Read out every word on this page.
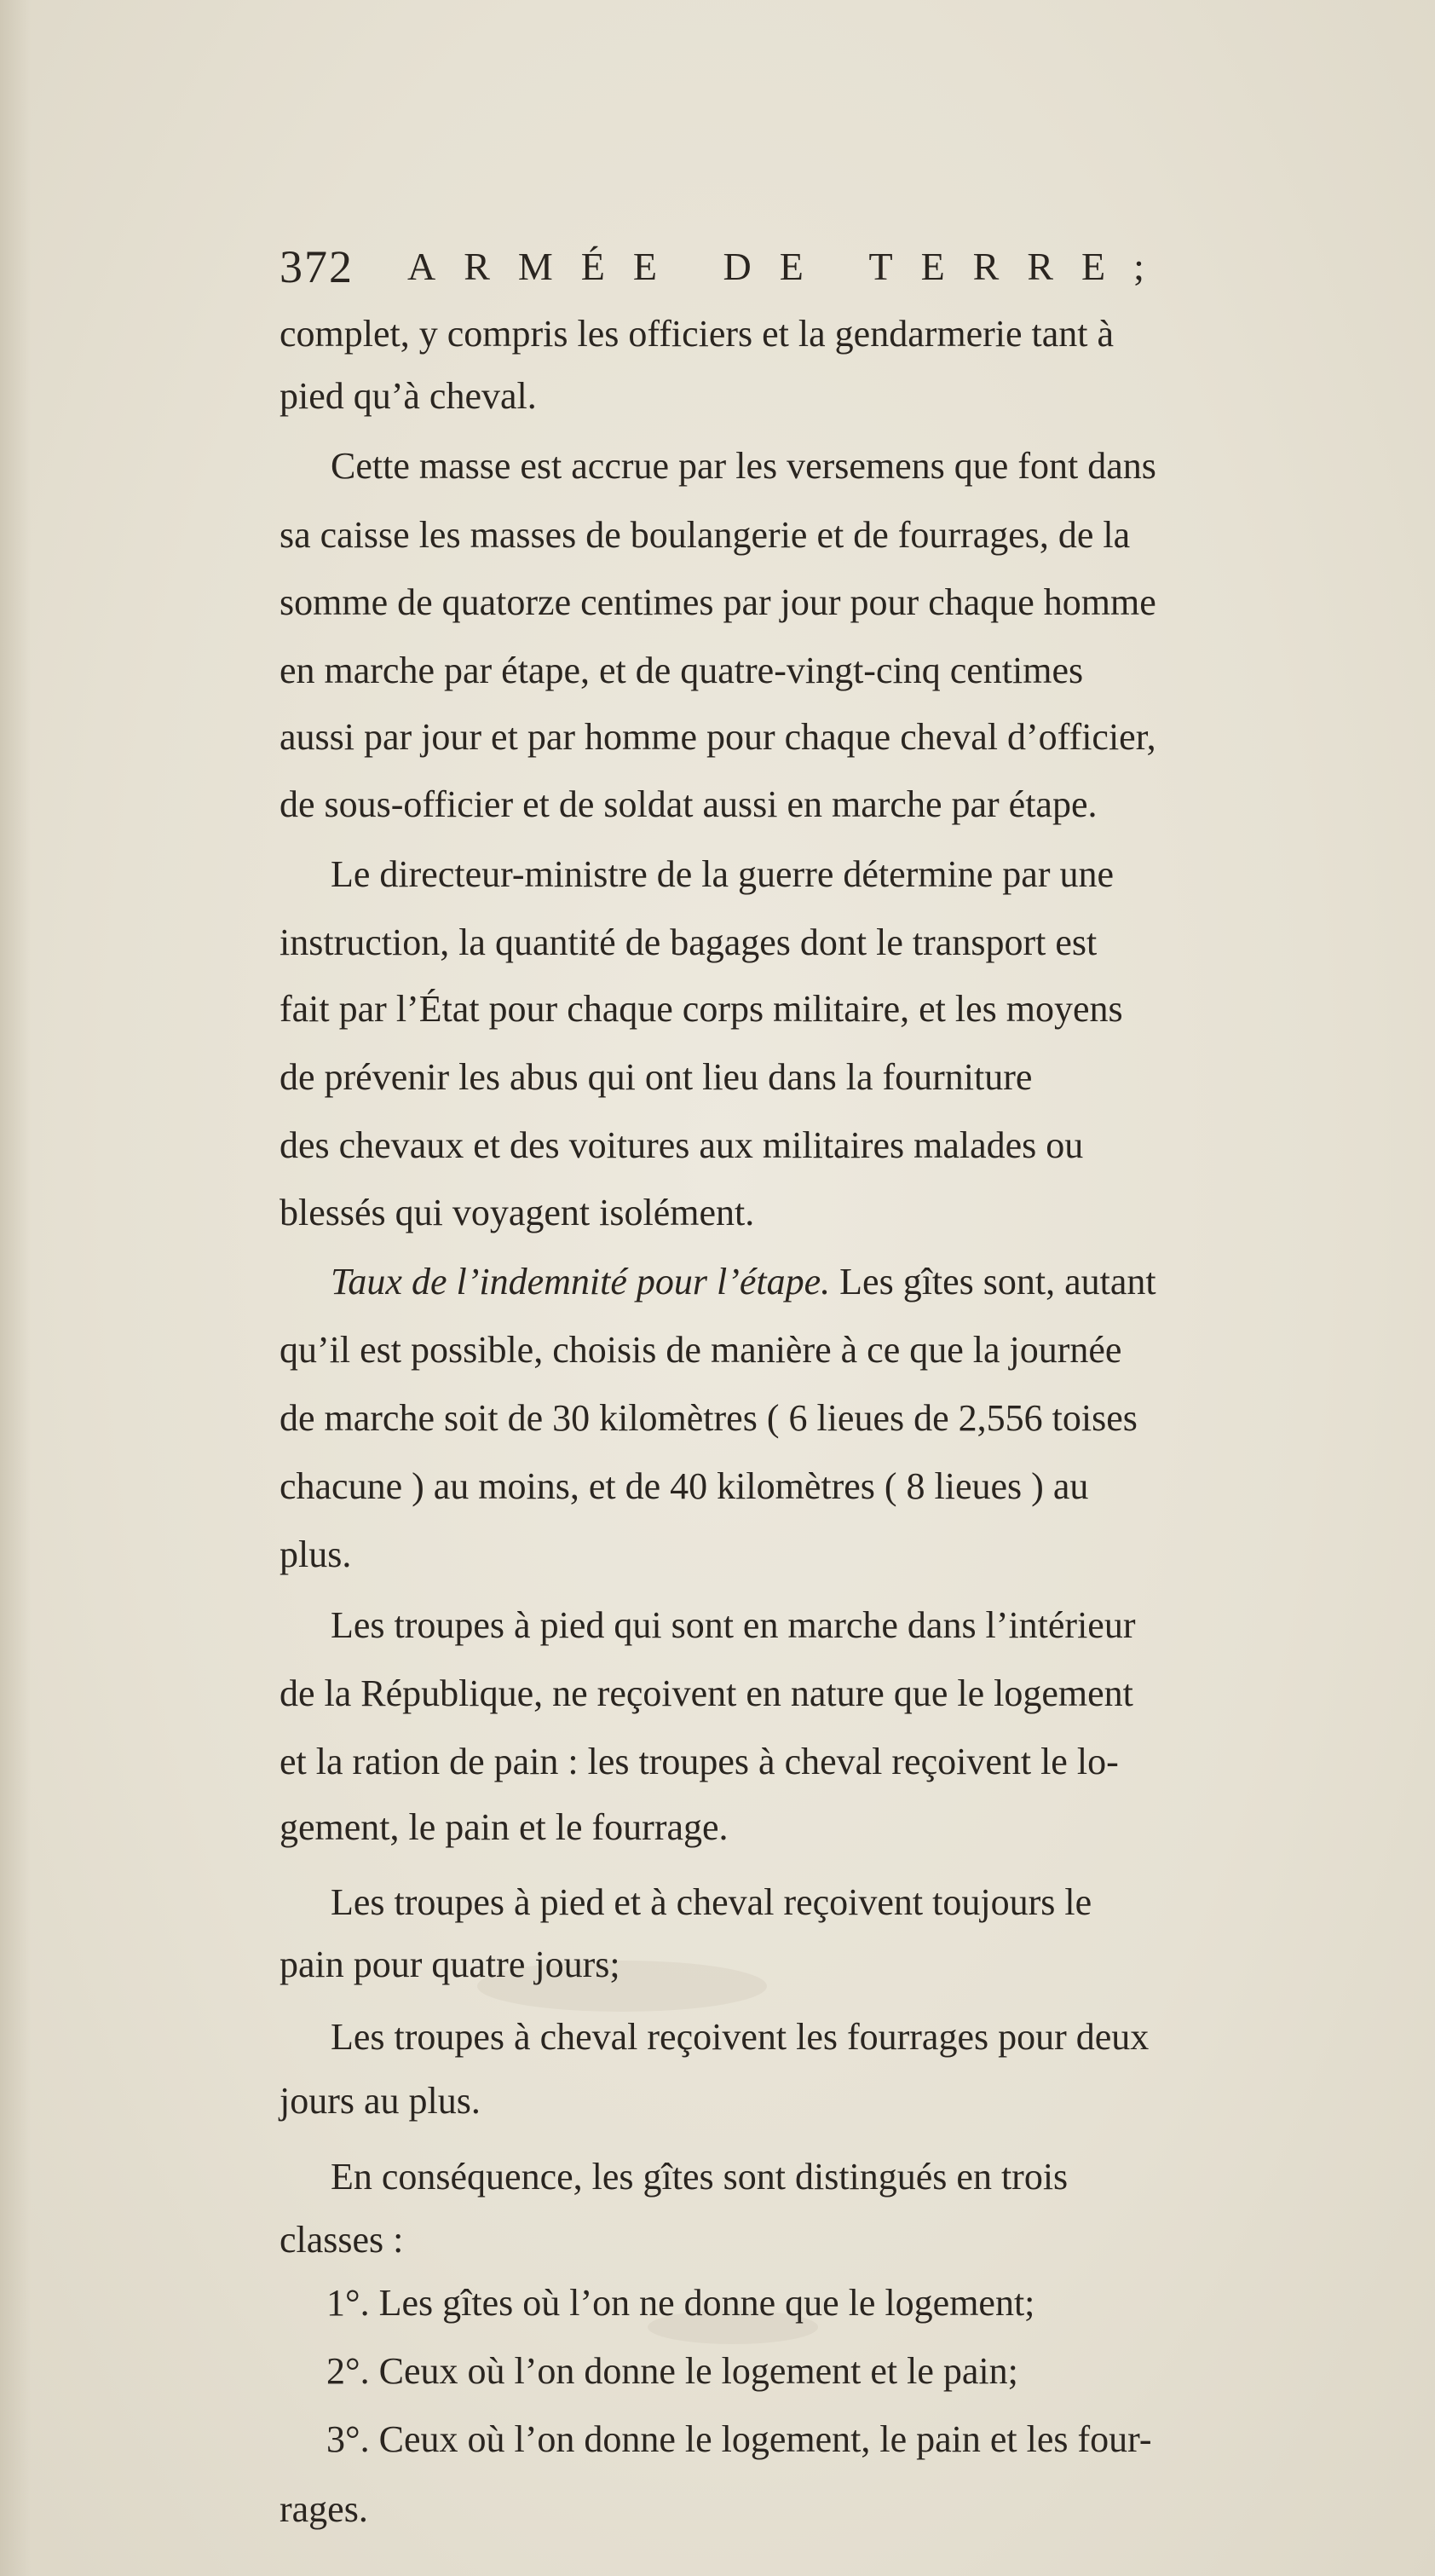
372 ARMÉE DE TERRE;
complet, y compris les officiers et la gendarmerie tant à
pied qu’à cheval.
Cette masse est accrue par les versemens que font dans
sa caisse les masses de boulangerie et de fourrages, de la
somme de quatorze centimes par jour pour chaque homme
en marche par étape, et de quatre-vingt-cinq centimes
aussi par jour et par homme pour chaque cheval d’officier,
de sous-officier et de soldat aussi en marche par étape.
Le directeur-ministre de la guerre détermine par une
instruction, la quantité de bagages dont le transport est
fait par l’État pour chaque corps militaire, et les moyens
de prévenir les abus qui ont lieu dans la fourniture
des chevaux et des voitures aux militaires malades ou
blessés qui voyagent isolément.
Taux de l’indemnité pour l’étape. Les gîtes sont, autant
qu’il est possible, choisis de manière à ce que la journée
de marche soit de 30 kilomètres ( 6 lieues de 2,556 toises
chacune ) au moins, et de 40 kilomètres ( 8 lieues ) au
plus.
Les troupes à pied qui sont en marche dans l’intérieur
de la République, ne reçoivent en nature que le logement
et la ration de pain : les troupes à cheval reçoivent le lo-
gement, le pain et le fourrage.
Les troupes à pied et à cheval reçoivent toujours le
pain pour quatre jours;
Les troupes à cheval reçoivent les fourrages pour deux
jours au plus.
En conséquence, les gîtes sont distingués en trois
classes :
1°. Les gîtes où l’on ne donne que le logement;
2°. Ceux où l’on donne le logement et le pain;
3°. Ceux où l’on donne le logement, le pain et les four-
rages.
